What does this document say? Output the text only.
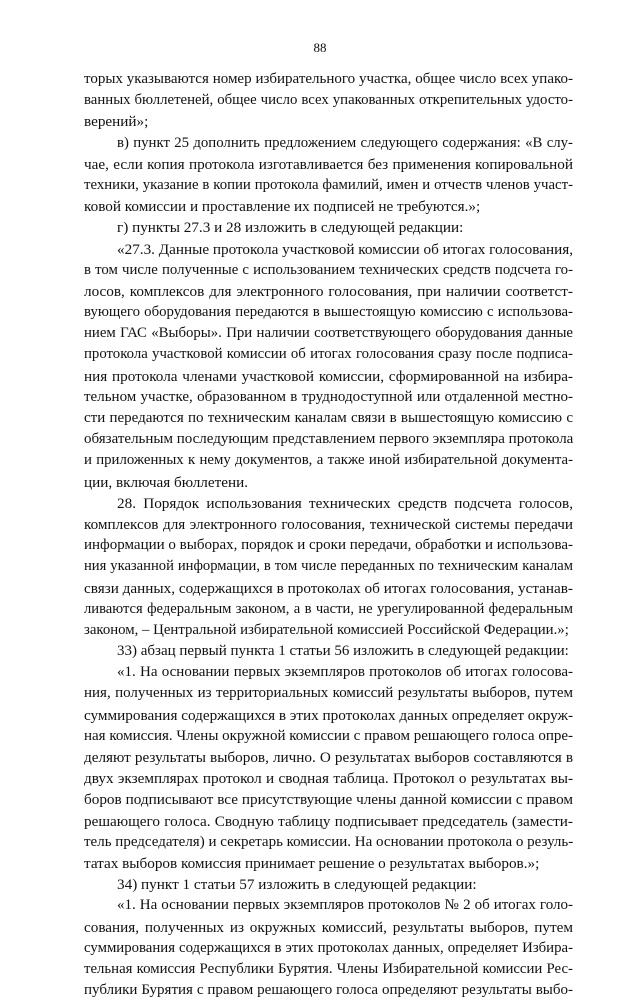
88
торых указываются номер избирательного участка, общее число всех упако-
ванных бюллетеней, общее число всех упакованных открепительных удосто-
верений»;
в) пункт 25 дополнить предложением следующего содержания: «В слу-
чае, если копия протокола изготавливается без применения копировальной
техники, указание в копии протокола фамилий, имен и отчеств членов участ-
ковой комиссии и проставление их подписей не требуются.»;
г) пункты 27.3 и 28 изложить в следующей редакции:
«27.3. Данные протокола участковой комиссии об итогах голосования,
в том числе полученные с использованием технических средств подсчета го-
лосов, комплексов для электронного голосования, при наличии соответст-
вующего оборудования передаются в вышестоящую комиссию с использова-
нием ГАС «Выборы». При наличии соответствующего оборудования данные
протокола участковой комиссии об итогах голосования сразу после подписа-
ния протокола членами участковой комиссии, сформированной на избира-
тельном участке, образованном в труднодоступной или отдаленной местно-
сти передаются по техническим каналам связи в вышестоящую комиссию с
обязательным последующим представлением первого экземпляра протокола
и приложенных к нему документов, а также иной избирательной документа-
ции, включая бюллетени.
28. Порядок использования технических средств подсчета голосов,
комплексов для электронного голосования, технической системы передачи
информации о выборах, порядок и сроки передачи, обработки и использова-
ния указанной информации, в том числе переданных по техническим каналам
связи данных, содержащихся в протоколах об итогах голосования, устанав-
ливаются федеральным законом, а в части, не урегулированной федеральным
законом, – Центральной избирательной комиссией Российской Федерации.»;
33) абзац первый пункта 1 статьи 56 изложить в следующей редакции:
«1. На основании первых экземпляров протоколов об итогах голосова-
ния, полученных из территориальных комиссий результаты выборов, путем
суммирования содержащихся в этих протоколах данных определяет окруж-
ная комиссия. Члены окружной комиссии с правом решающего голоса опре-
деляют результаты выборов, лично. О результатах выборов составляются в
двух экземплярах протокол и сводная таблица. Протокол о результатах вы-
боров подписывают все присутствующие члены данной комиссии с правом
решающего голоса. Сводную таблицу подписывает председатель (замести-
тель председателя) и секретарь комиссии. На основании протокола о резуль-
татах выборов комиссия принимает решение о результатах выборов.»;
34) пункт 1 статьи 57 изложить в следующей редакции:
«1. На основании первых экземпляров протоколов № 2 об итогах голо-
сования, полученных из окружных комиссий, результаты выборов, путем
суммирования содержащихся в этих протоколах данных, определяет Избира-
тельная комиссия Республики Бурятия. Члены Избирательной комиссии Рес-
публики Бурятия с правом решающего голоса определяют результаты выбо-
